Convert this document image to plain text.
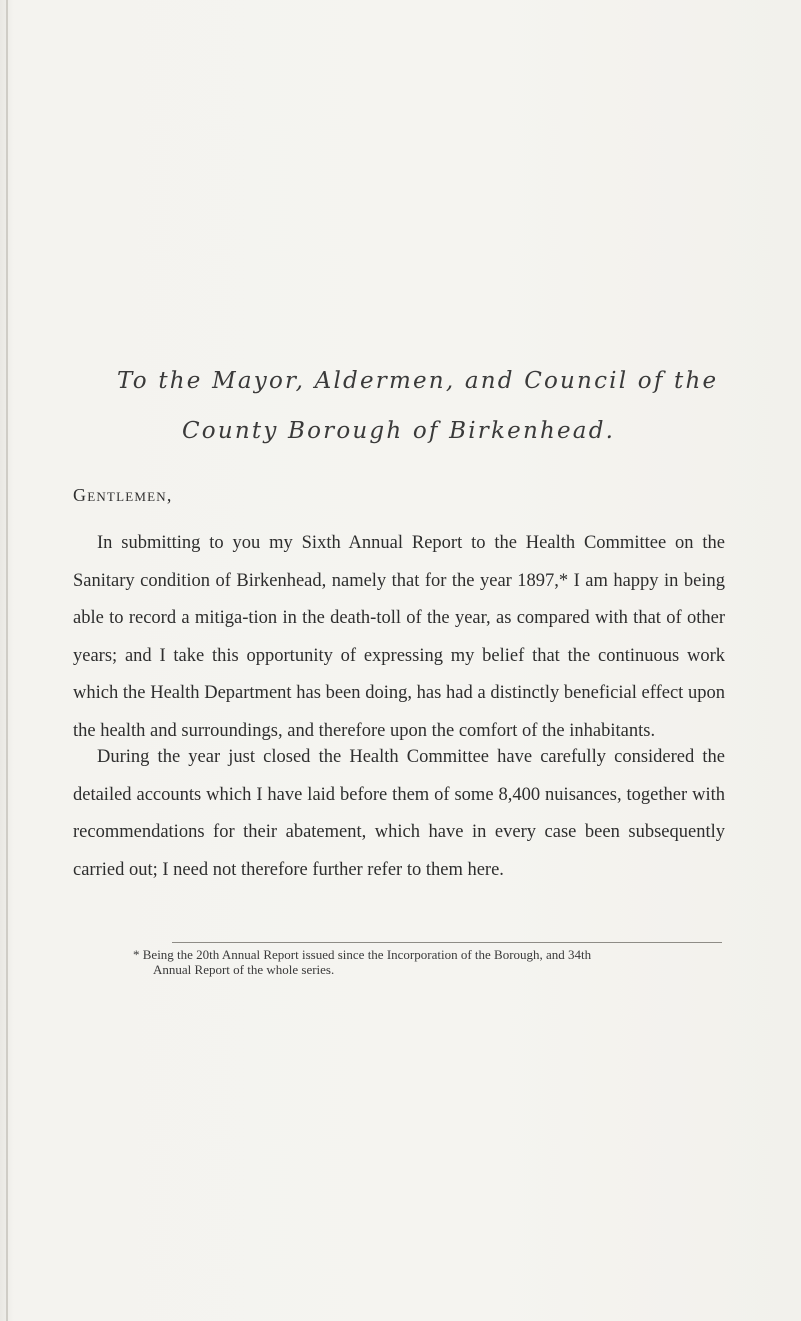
To the Mayor, Aldermen, and Council of the
County Borough of Birkenhead.
Gentlemen,
In submitting to you my Sixth Annual Report to the Health Committee on the Sanitary condition of Birkenhead, namely that for the year 1897,* I am happy in being able to record a mitiga-tion in the death-toll of the year, as compared with that of other years; and I take this opportunity of expressing my belief that the continuous work which the Health Department has been doing, has had a distinctly beneficial effect upon the health and surroundings, and therefore upon the comfort of the inhabitants.
During the year just closed the Health Committee have carefully considered the detailed accounts which I have laid before them of some 8,400 nuisances, together with recommendations for their abatement, which have in every case been subsequently carried out; I need not therefore further refer to them here.
* Being the 20th Annual Report issued since the Incorporation of the Borough, and 34th
Annual Report of the whole series.
